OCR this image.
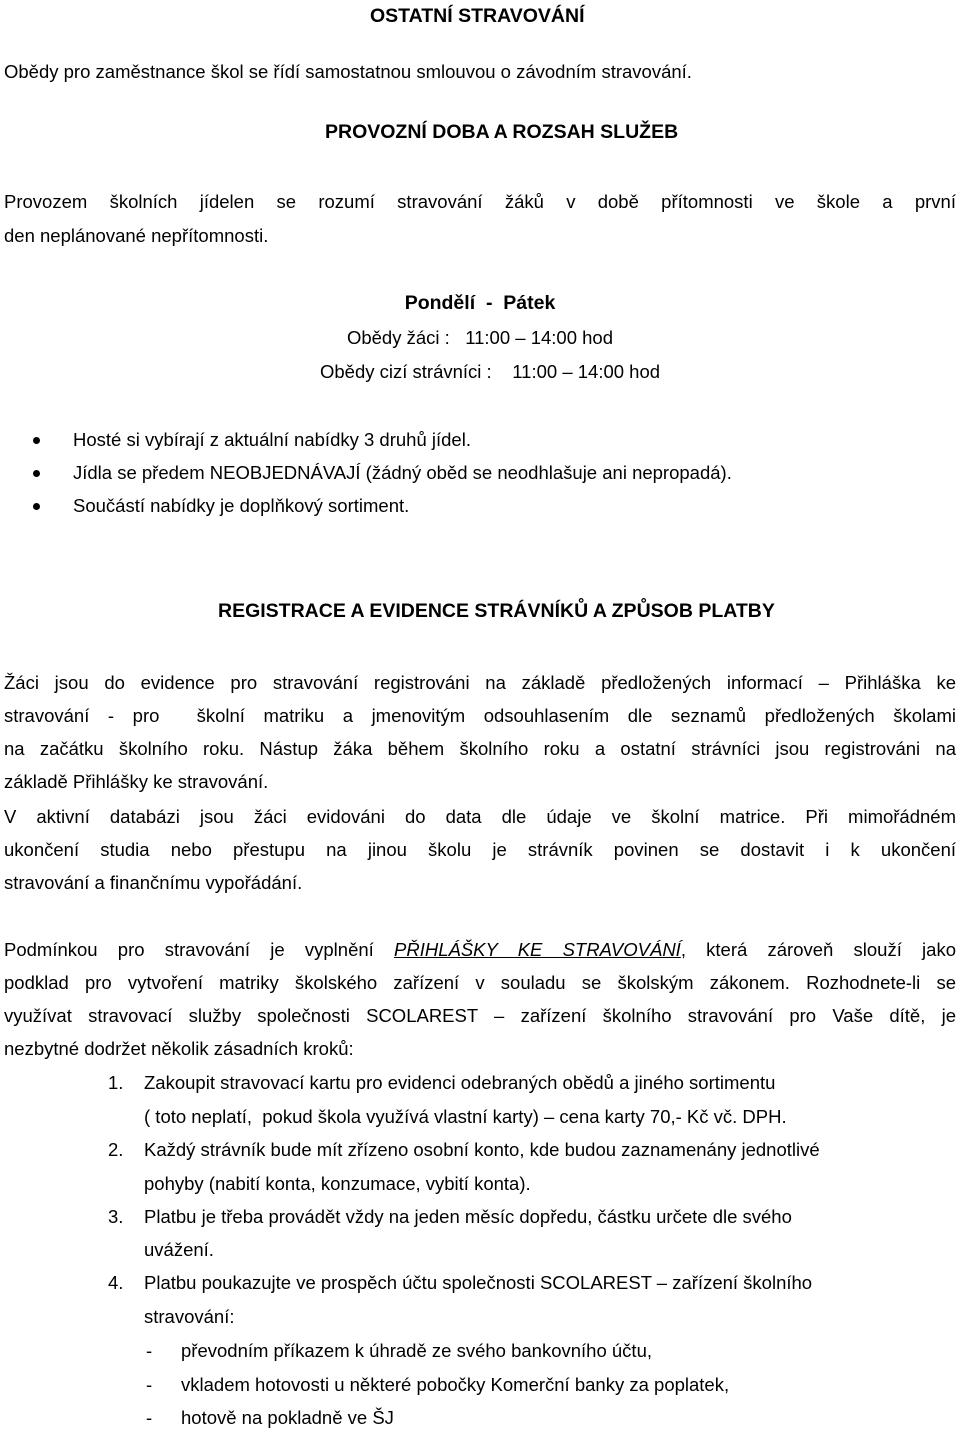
OSTATNÍ STRAVOVÁNÍ
Obědy pro zaměstnance škol se řídí samostatnou smlouvou o závodním stravování.
PROVOZNÍ DOBA A ROZSAH SLUŽEB
Provozem školních jídelen se rozumí stravování žáků v době přítomnosti ve škole a první
den neplánované nepřítomnosti.
Pondělí  -  Pátek
Obědy žáci :   11:00 – 14:00 hod
Obědy cizí strávníci :    11:00 – 14:00 hod
Hosté si vybírají z aktuální nabídky 3 druhů jídel.
Jídla se předem NEOBJEDNÁVAJÍ (žádný oběd se neodhlašuje ani nepropadá).
Součástí nabídky je doplňkový sortiment.
REGISTRACE A EVIDENCE STRÁVNÍKŮ A ZPŮSOB PLATBY
Žáci jsou do evidence pro stravování registrováni na základě předložených informací – Přihláška ke
stravování - pro  školní matriku a jmenovitým odsouhlasením dle seznamů předložených školami
na začátku školního roku. Nástup žáka během školního roku a ostatní strávníci jsou registrováni na
základě Přihlášky ke stravování.
V aktivní databázi jsou žáci evidováni do data dle údaje ve školní matrice. Při mimořádném
ukončení studia nebo přestupu na jinou školu je strávník povinen se dostavit i k ukončení
stravování a finančnímu vypořádání.
Podmínkou pro stravování je vyplnění PŘIHLÁŠKY KE STRAVOVÁNÍ, která zároveň slouží jako
podklad pro vytvoření matriky školského zařízení v souladu se školským zákonem. Rozhodnete-li se
využívat stravovací služby společnosti SCOLAREST – zařízení školního stravování pro Vaše dítě, je
nezbytné dodržet několik zásadních kroků:
1. Zakoupit stravovací kartu pro evidenci odebraných obědů a jiného sortimentu
( toto neplatí,  pokud škola využívá vlastní karty) – cena karty 70,- Kč vč. DPH.
2. Každý strávník bude mít zřízeno osobní konto, kde budou zaznamenány jednotlivé
pohyby (nabití konta, konzumace, vybití konta).
3. Platbu je třeba provádět vždy na jeden měsíc dopředu, částku určete dle svého
uvážení.
4. Platbu poukazujte ve prospěch účtu společnosti SCOLAREST – zařízení školního
stravování:
- převodním příkazem k úhradě ze svého bankovního účtu,
- vkladem hotovosti u některé pobočky Komerční banky za poplatek,
- hotově na pokladně ve ŠJ
